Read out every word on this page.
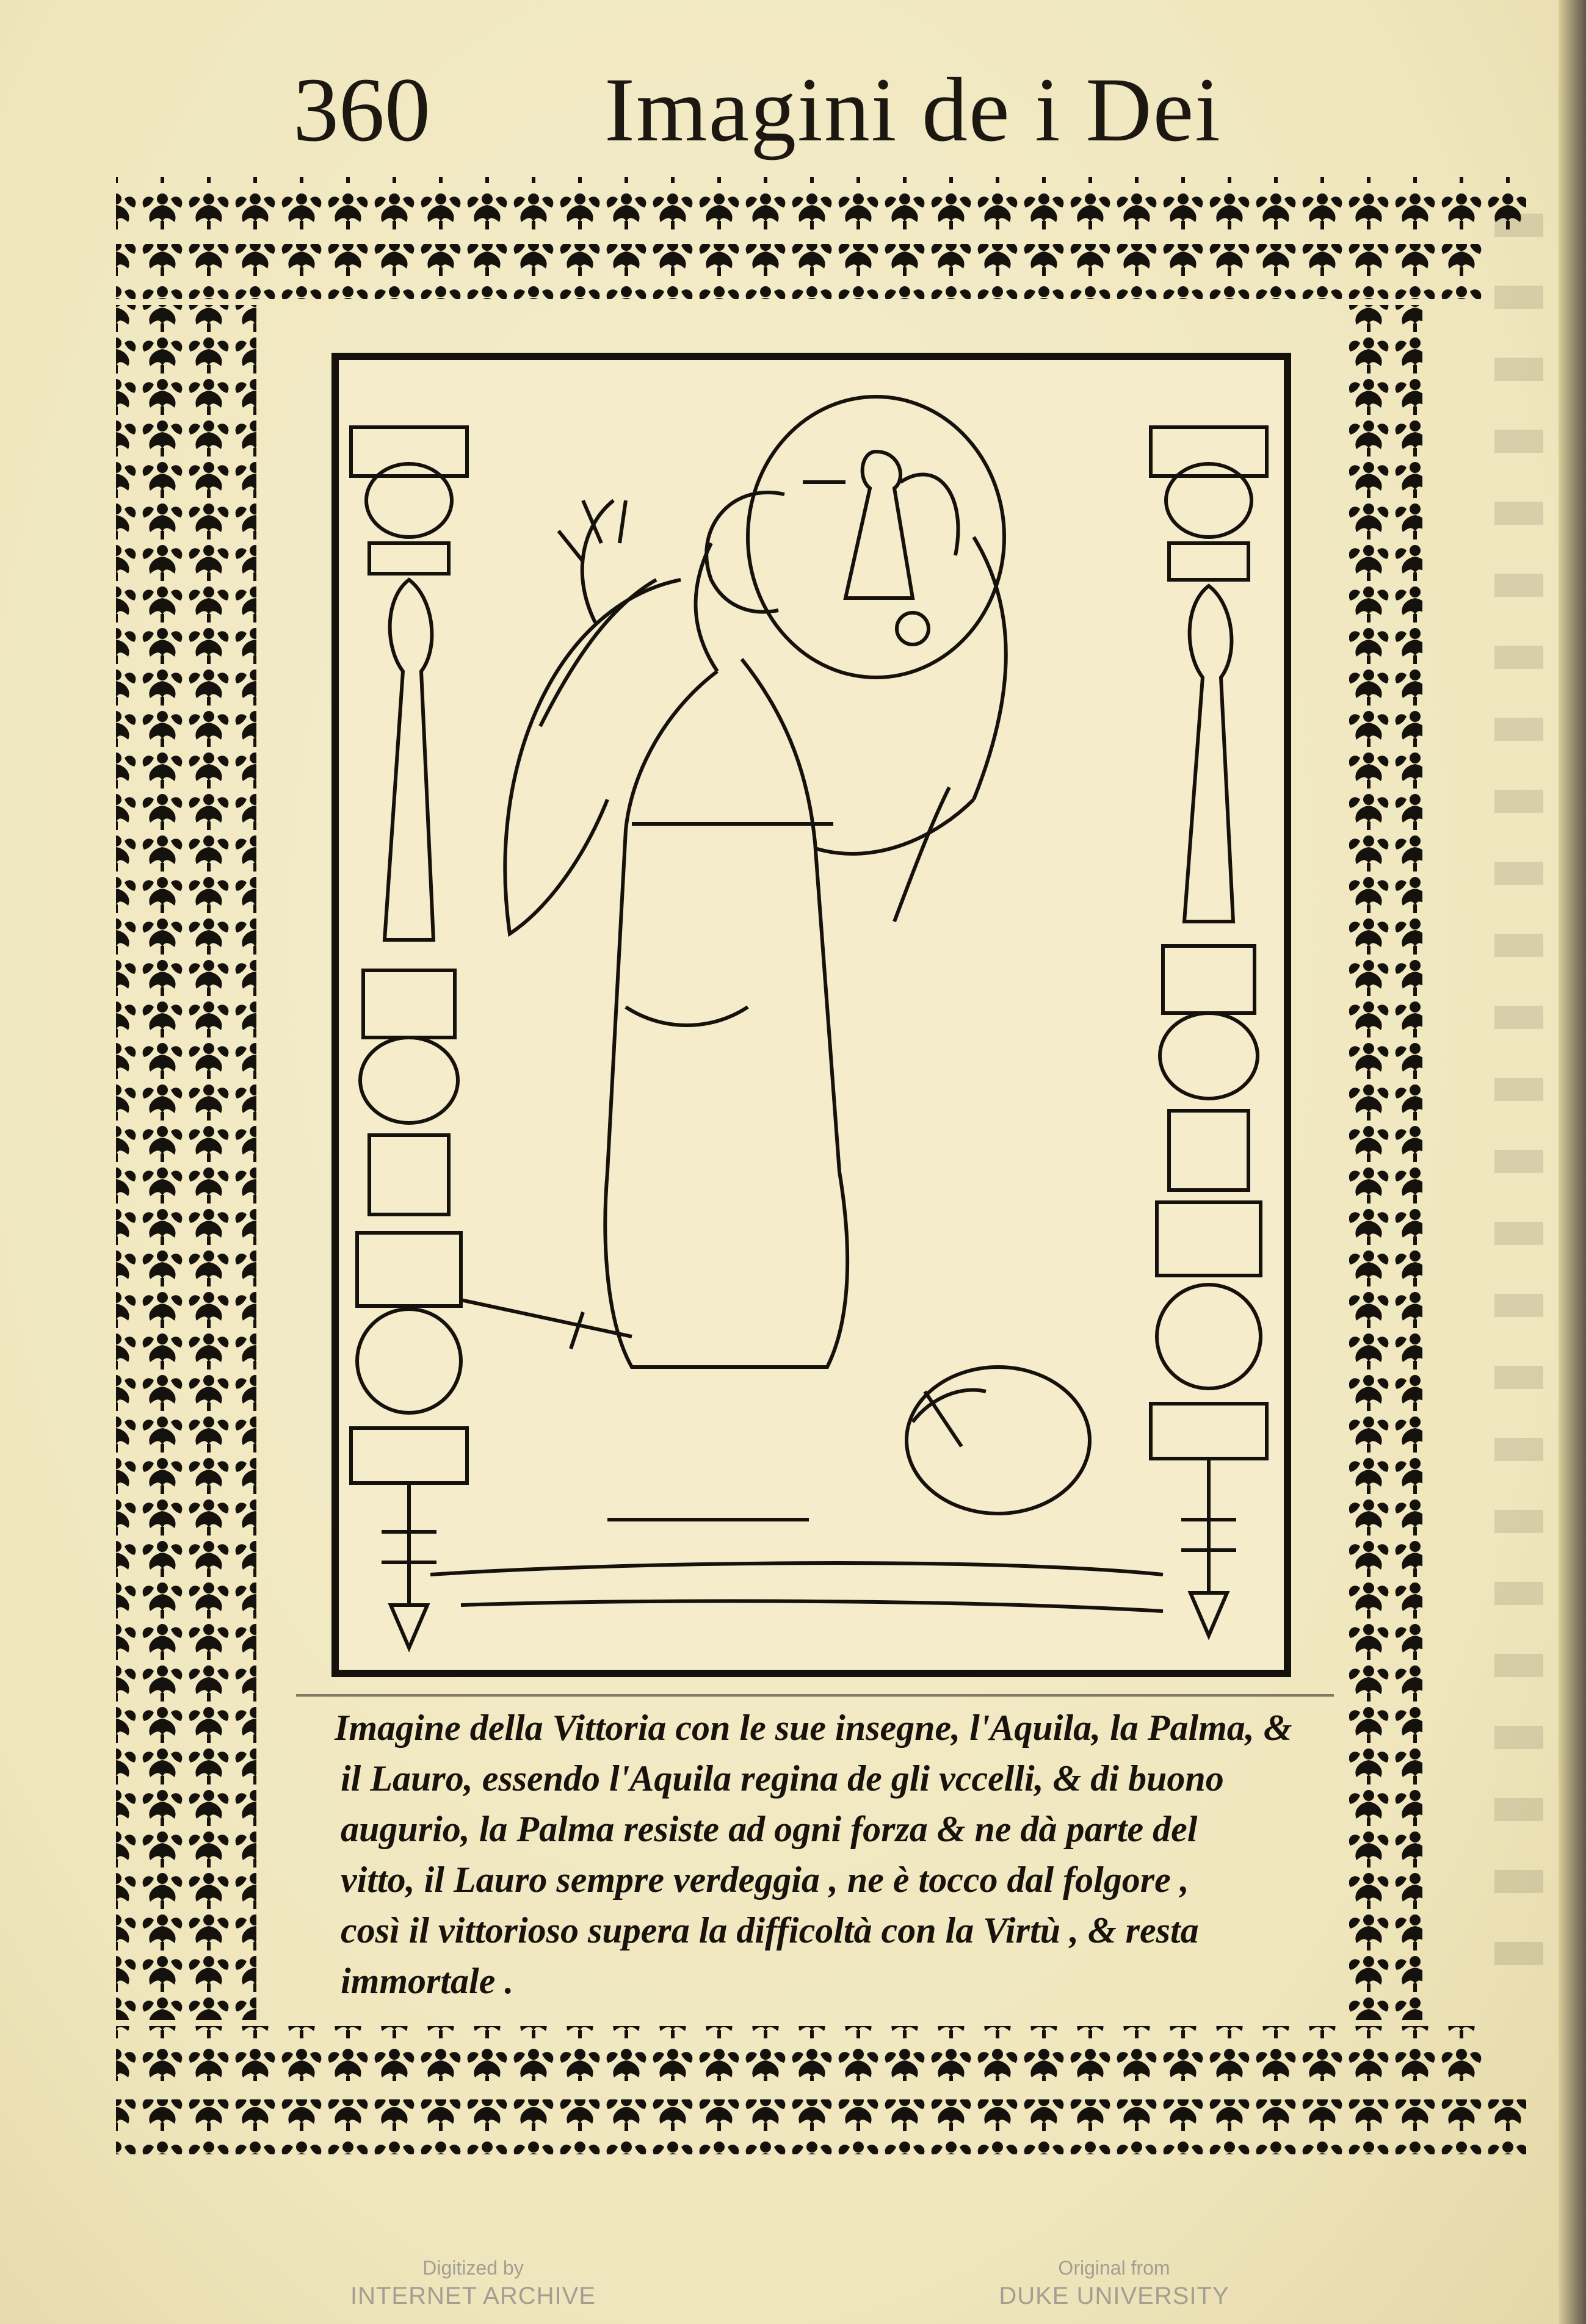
360 Imagini de i Dei
Imagine della Vittoria con le sue insegne, l'Aquila, la Palma, &
il Lauro, essendo l'Aquila regina de gli vccelli, & di buono
augurio, la Palma resiste ad ogni forza & ne dà parte del
vitto, il Lauro sempre verdeggia , ne è tocco dal folgore ,
così il vittorioso supera la difficoltà con la Virtù , & resta
immortale .
Digitized by
INTERNET ARCHIVE
Original from
DUKE UNIVERSITY
